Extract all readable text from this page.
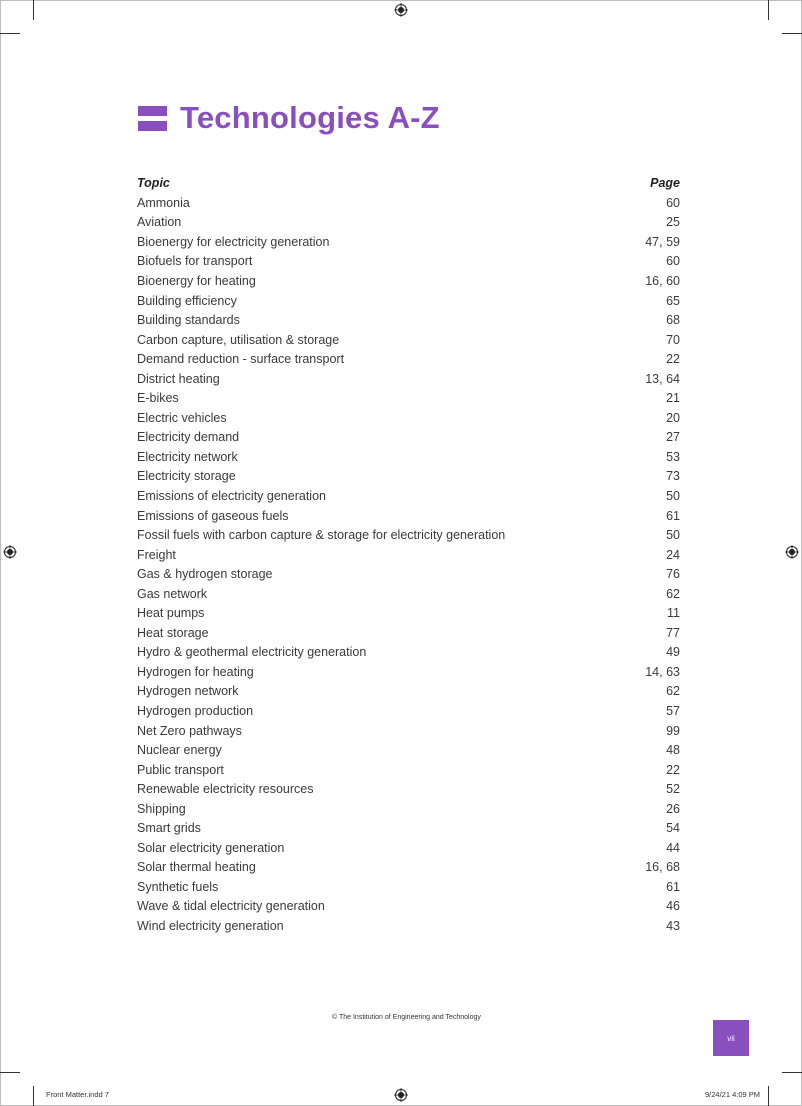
Technologies A-Z
Topic	Page
Ammonia	60
Aviation	25
Bioenergy for electricity generation	47, 59
Biofuels for transport	60
Bioenergy for heating	16, 60
Building efficiency	65
Building standards	68
Carbon capture, utilisation & storage	70
Demand reduction - surface transport	22
District heating	13, 64
E-bikes	21
Electric vehicles	20
Electricity demand	27
Electricity network	53
Electricity storage	73
Emissions of electricity generation	50
Emissions of gaseous fuels	61
Fossil fuels with carbon capture & storage for electricity generation	50
Freight	24
Gas & hydrogen storage	76
Gas network	62
Heat pumps	11
Heat storage	77
Hydro & geothermal electricity generation	49
Hydrogen for heating	14, 63
Hydrogen network	62
Hydrogen production	57
Net Zero pathways	99
Nuclear energy	48
Public transport	22
Renewable electricity resources	52
Shipping	26
Smart grids	54
Solar electricity generation	44
Solar thermal heating	16, 68
Synthetic fuels	61
Wave & tidal electricity generation	46
Wind electricity generation	43
© The Institution of Engineering and Technology
vii
Front Matter.indd 7	9/24/21 4:09 PM
